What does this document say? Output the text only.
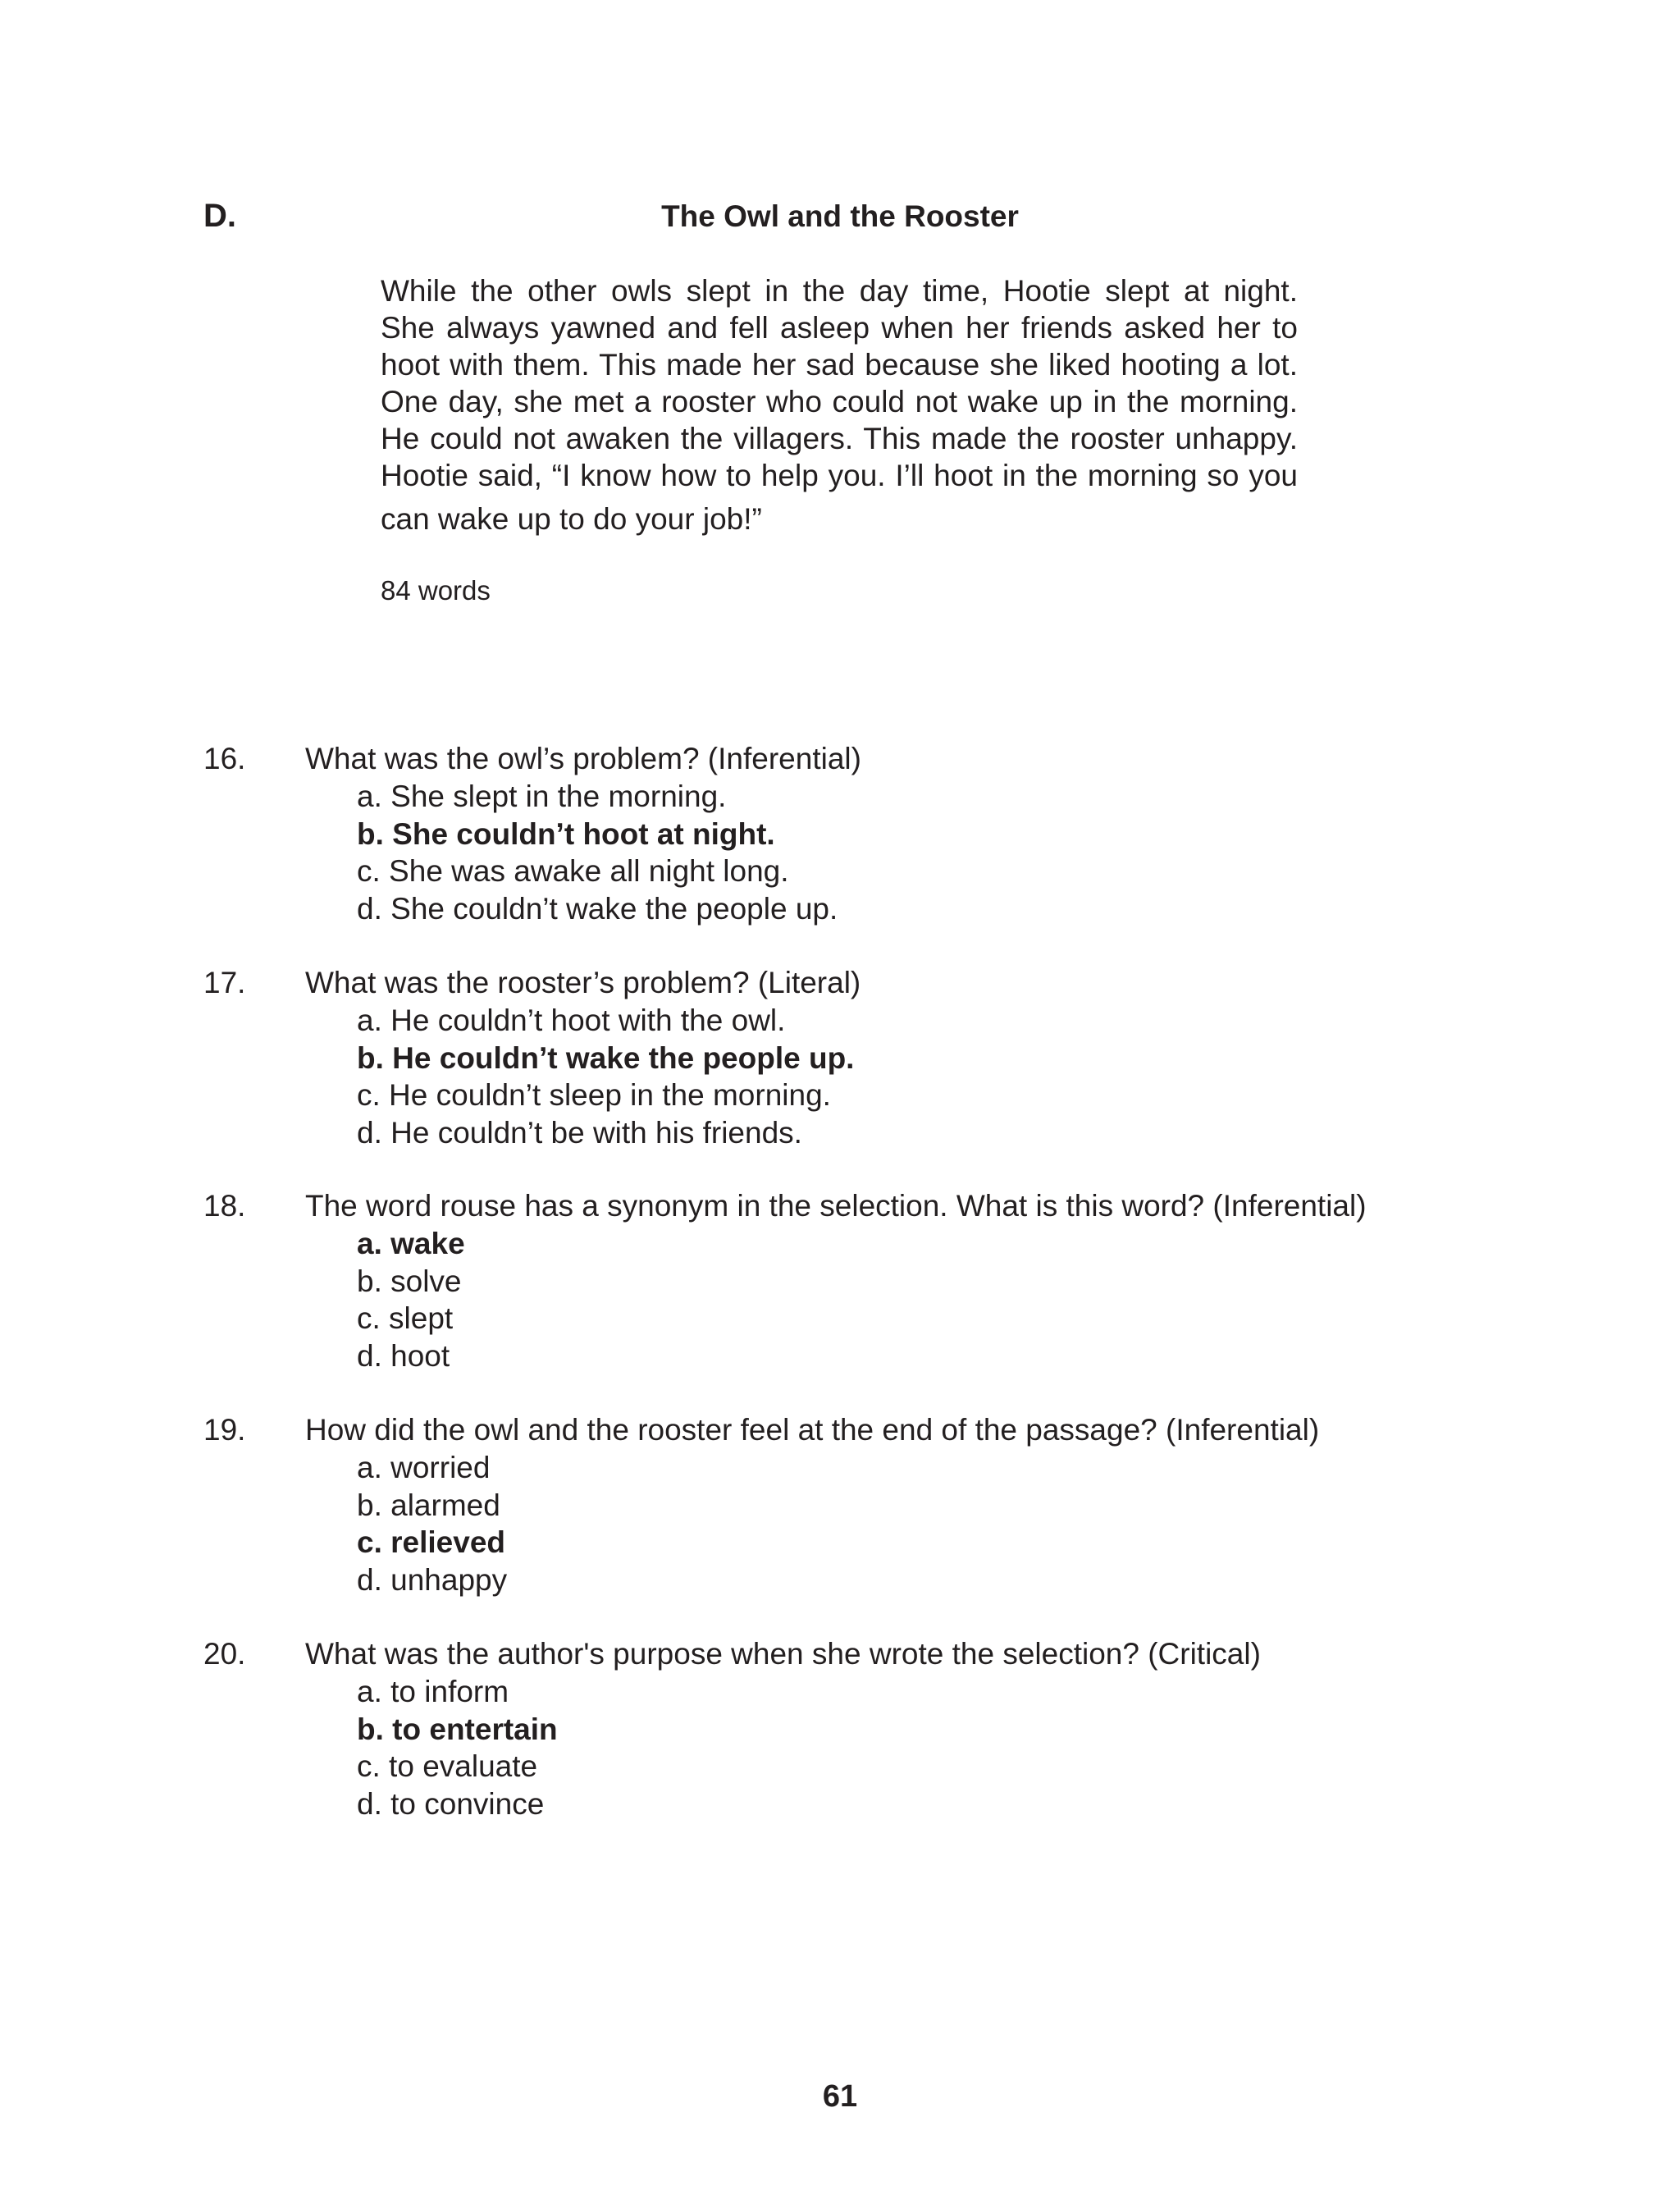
D.	The Owl and the Rooster
While the other owls slept in the day time, Hootie slept at night.
She always yawned and fell asleep when her friends asked her to
hoot with them. This made her sad because she liked hooting a lot.
One day, she met a rooster who could not wake up in the morning.
He could not awaken the villagers. This made the rooster unhappy.
Hootie said, “I know how to help you. I’ll hoot in the morning so you
can wake up to do your job!”
84 words
16. What was the owl’s problem? (Inferential)
a. She slept in the morning.
b. She couldn’t hoot at night.
c. She was awake all night long.
d. She couldn’t wake the people up.
17. What was the rooster’s problem? (Literal)
a. He couldn’t hoot with the owl.
b. He couldn’t wake the people up.
c. He couldn’t sleep in the morning.
d. He couldn’t be with his friends.
18. The word rouse has a synonym in the selection. What is this word? (Inferential)
a. wake
b. solve
c. slept
d. hoot
19. How did the owl and the rooster feel at the end of the passage? (Inferential)
a. worried
b. alarmed
c. relieved
d. unhappy
20. What was the author's purpose when she wrote the selection? (Critical)
a. to inform
b. to entertain
c. to evaluate
d. to convince
61
